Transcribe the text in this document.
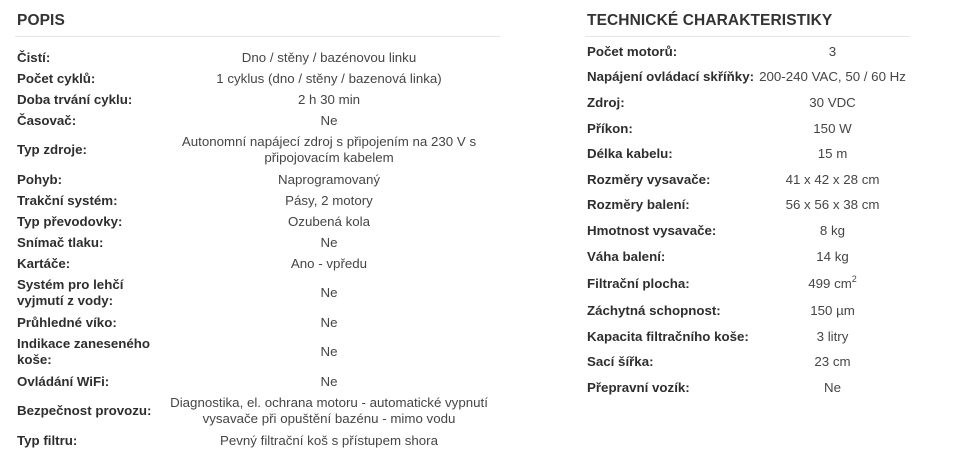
POPIS
Čistí:	Dno / stěny / bazénovou linku
Počet cyklů:	1 cyklus (dno / stěny / bazenová linka)
Doba trvání cyklu:	2 h 30 min
Časovač:	Ne
Typ zdroje:	Autonomní napájecí zdroj s připojením na 230 V s připojovacím kabelem
Pohyb:	Naprogramovaný
Trakční systém:	Pásy, 2 motory
Typ převodovky:	Ozubená kola
Snímač tlaku:	Ne
Kartáče:	Ano - vpředu
Systém pro lehčí vyjmutí z vody:	Ne
Průhledné víko:	Ne
Indikace zaneseného koše:	Ne
Ovládání WiFi:	Ne
Bezpečnost provozu:	Diagnostika, el. ochrana motoru - automatické vypnutí vysavače při opuštění bazénu - mimo vodu
Typ filtru:	Pevný filtrační koš s přístupem shora
TECHNICKÉ CHARAKTERISTIKY
Počet motorů:	3
Napájení ovládací skříňky:	200-240 VAC, 50 / 60 Hz
Zdroj:	30 VDC
Příkon:	150 W
Délka kabelu:	15 m
Rozměry vysavače:	41 x 42 x 28 cm
Rozměry balení:	56 x 56 x 38 cm
Hmotnost vysavače:	8 kg
Váha balení:	14 kg
Filtrační plocha:	499 $cm^2$
Záchytná schopnost:	150 µm
Kapacita filtračního koše:	3 litry
Sací šířka:	23 cm
Přepravní vozík:	Ne
